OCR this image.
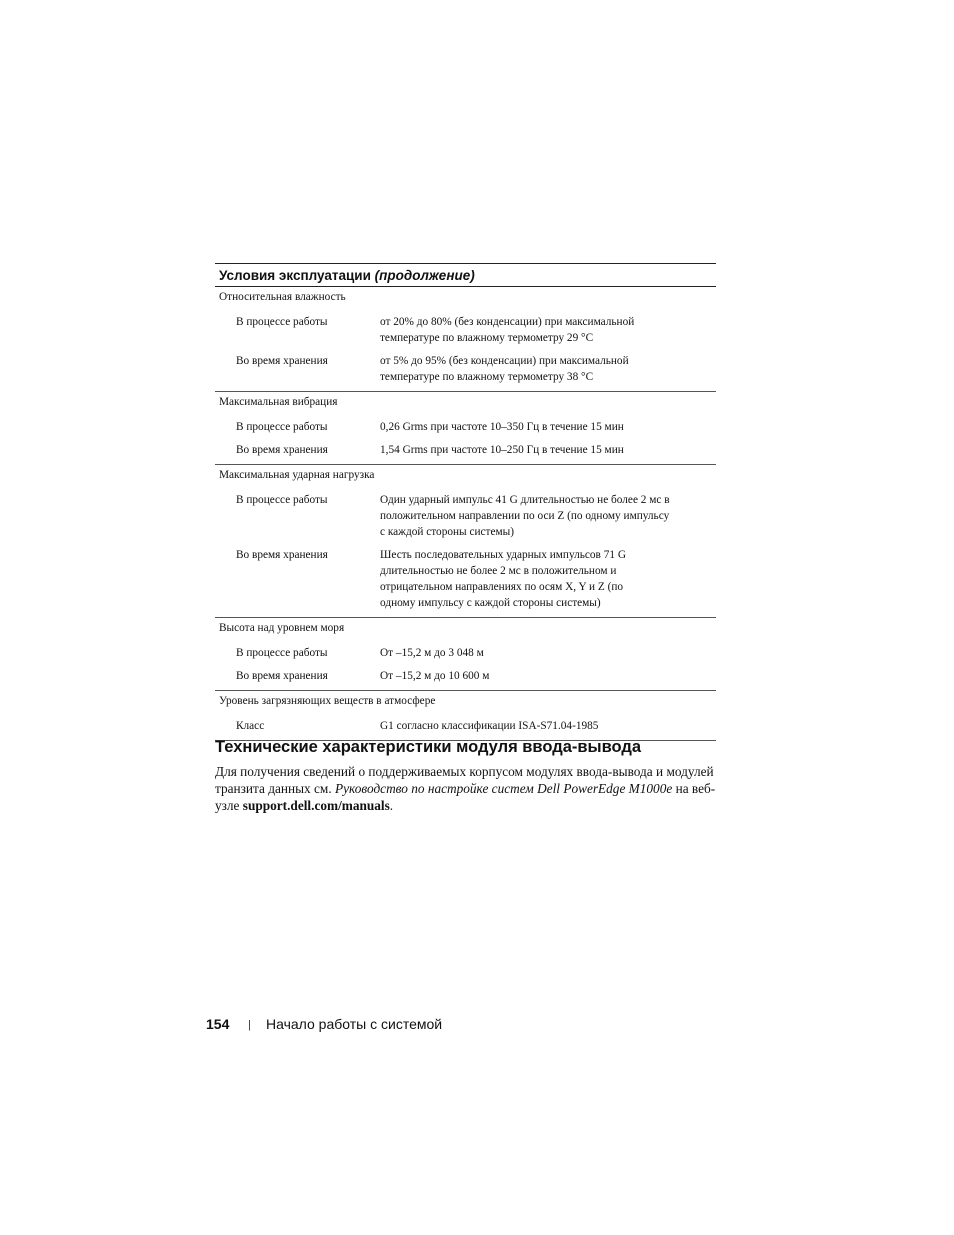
Условия эксплуатации (продолжение)
Относительная влажность
В процессе работы	от 20% до 80% (без конденсации) при максимальной
температуре по влажному термометру 29 °C
Во время хранения	от 5% до 95% (без конденсации) при максимальной
температуре по влажному термометру 38 °C
Максимальная вибрация
В процессе работы	0,26 Grms при частоте 10–350 Гц в течение 15 мин
Во время хранения	1,54 Grms при частоте 10–250 Гц в течение 15 мин
Максимальная ударная нагрузка
В процессе работы	Один ударный импульс 41 G длительностью не более 2 мс в
положительном направлении по оси Z (по одному импульсу
с каждой стороны системы)
Во время хранения	Шесть последовательных ударных импульсов 71 G
длительностью не более 2 мс в положительном и
отрицательном направлениях по осям X, Y и Z (по
одному импульсу с каждой стороны системы)
Высота над уровнем моря
В процессе работы	От –15,2 м до 3 048 м
Во время хранения	От –15,2 м до 10 600 м
Уровень загрязняющих веществ в атмосфере
Класс	G1 согласно классификации ISA-S71.04-1985
Технические характеристики модуля ввода-вывода
Для получения сведений о поддерживаемых корпусом модулях ввода-вывода и модулей
транзита данных см. Руководство по настройке систем Dell PowerEdge M1000e на веб-
узле support.dell.com/manuals.
154 | Начало работы с системой
